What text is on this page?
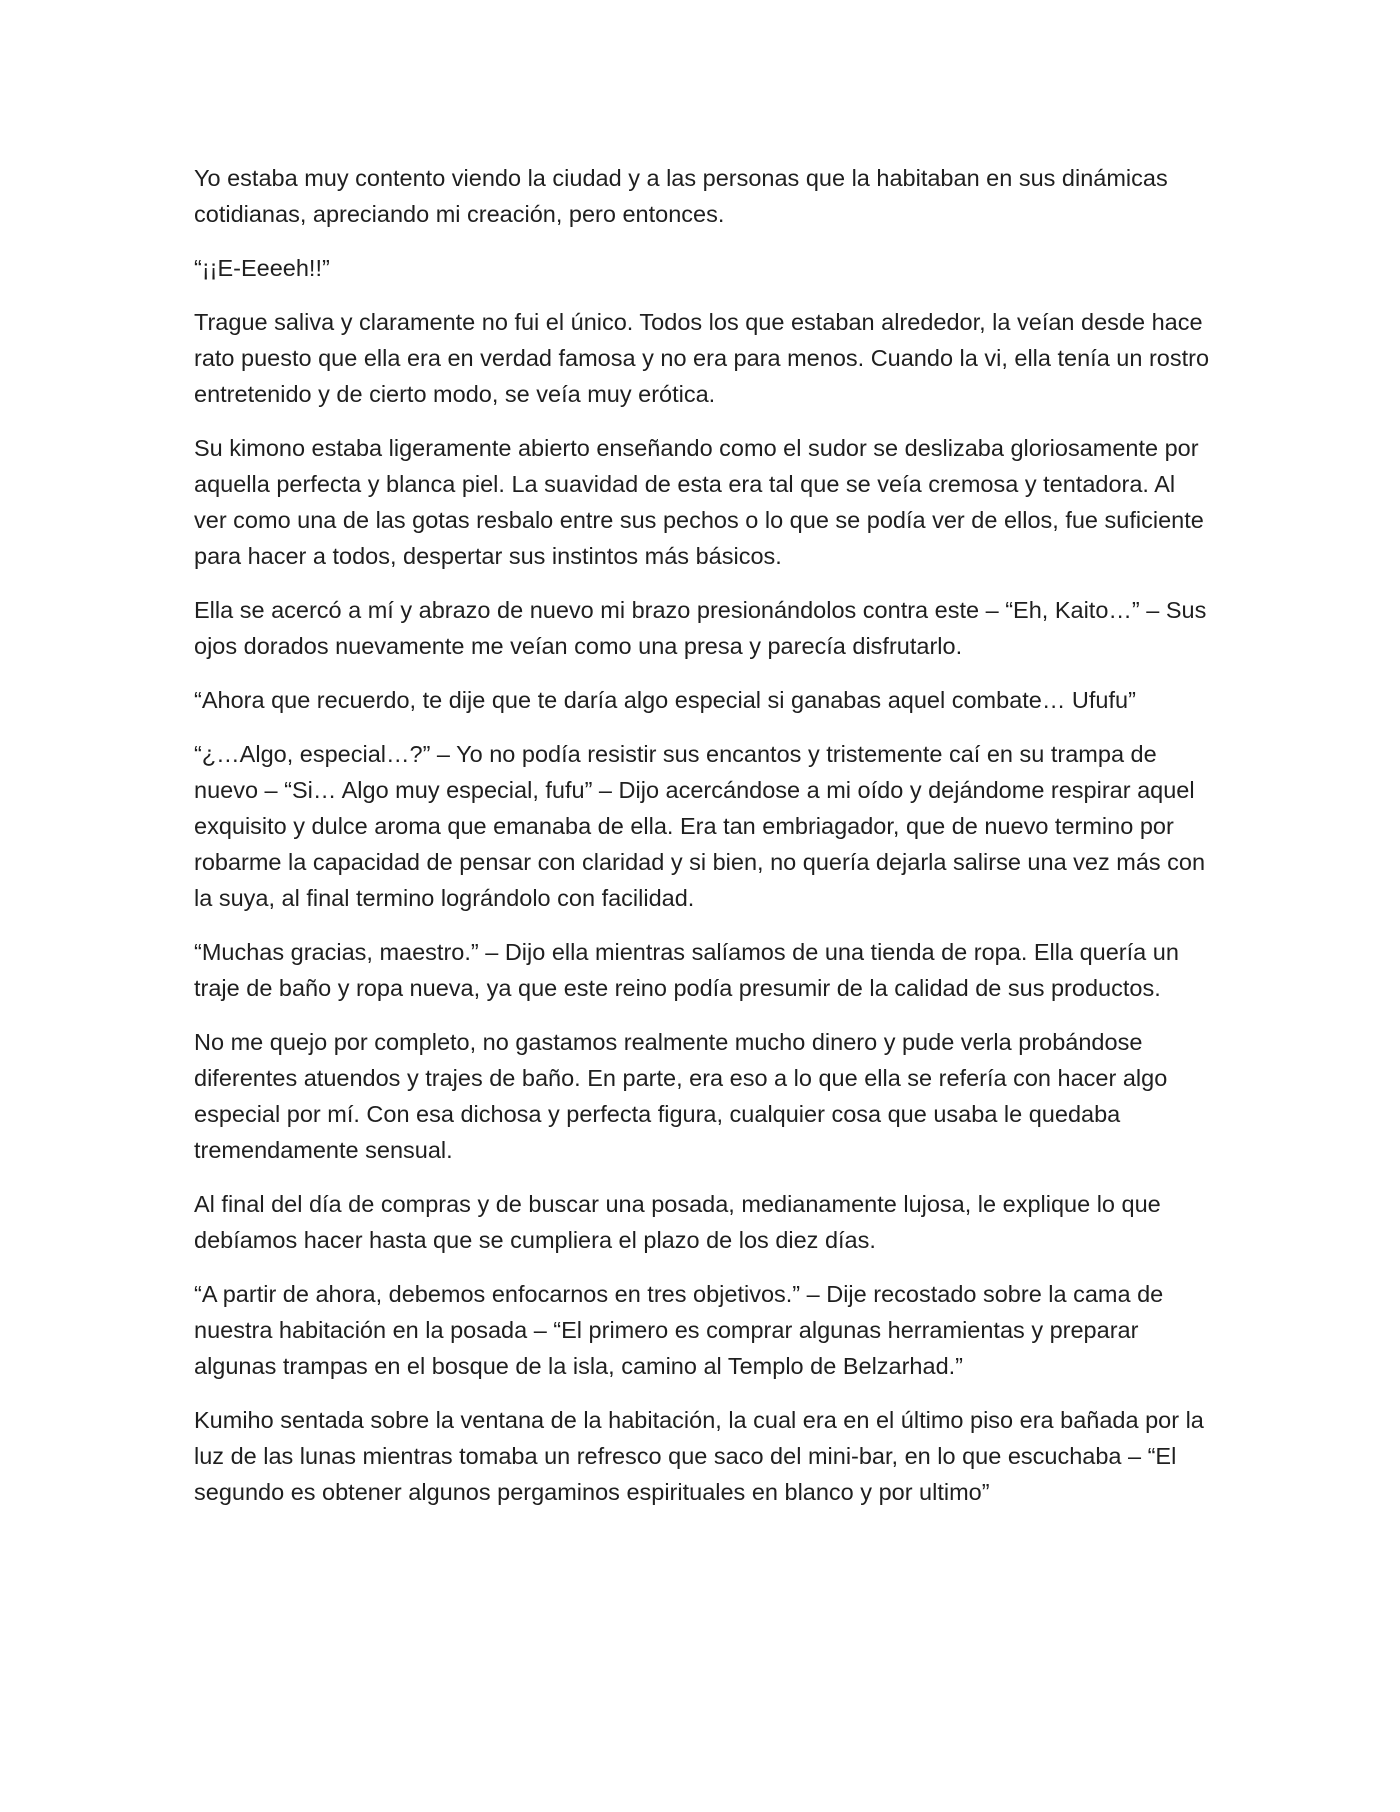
Yo estaba muy contento viendo la ciudad y a las personas que la habitaban en sus dinámicas cotidianas, apreciando mi creación, pero entonces.

“¡¡E-Eeeeh!!”

Trague saliva y claramente no fui el único. Todos los que estaban alrededor, la veían desde hace rato puesto que ella era en verdad famosa y no era para menos. Cuando la vi, ella tenía un rostro entretenido y de cierto modo, se veía muy erótica.

Su kimono estaba ligeramente abierto enseñando como el sudor se deslizaba gloriosamente por aquella perfecta y blanca piel. La suavidad de esta era tal que se veía cremosa y tentadora. Al ver como una de las gotas resbalo entre sus pechos o lo que se podía ver de ellos, fue suficiente para hacer a todos, despertar sus instintos más básicos.

Ella se acercó a mí y abrazo de nuevo mi brazo presionándolos contra este – “Eh, Kaito…” – Sus ojos dorados nuevamente me veían como una presa y parecía disfrutarlo.

“Ahora que recuerdo, te dije que te daría algo especial si ganabas aquel combate… Ufufu”

“¿…Algo, especial…?” – Yo no podía resistir sus encantos y tristemente caí en su trampa de nuevo – “Si… Algo muy especial, fufu” – Dijo acercándose a mi oído y dejándome respirar aquel exquisito y dulce aroma que emanaba de ella. Era tan embriagador, que de nuevo termino por robarme la capacidad de pensar con claridad y si bien, no quería dejarla salirse una vez más con la suya, al final termino lográndolo con facilidad.

“Muchas gracias, maestro.” – Dijo ella mientras salíamos de una tienda de ropa. Ella quería un traje de baño y ropa nueva, ya que este reino podía presumir de la calidad de sus productos.

No me quejo por completo, no gastamos realmente mucho dinero y pude verla probándose diferentes atuendos y trajes de baño. En parte, era eso a lo que ella se refería con hacer algo especial por mí. Con esa dichosa y perfecta figura, cualquier cosa que usaba le quedaba tremendamente sensual.

Al final del día de compras y de buscar una posada, medianamente lujosa, le explique lo que debíamos hacer hasta que se cumpliera el plazo de los diez días.

“A partir de ahora, debemos enfocarnos en tres objetivos.” – Dije recostado sobre la cama de nuestra habitación en la posada – “El primero es comprar algunas herramientas y preparar algunas trampas en el bosque de la isla, camino al Templo de Belzarhad.”

Kumiho sentada sobre la ventana de la habitación, la cual era en el último piso era bañada por la luz de las lunas mientras tomaba un refresco que saco del mini-bar, en lo que escuchaba – “El segundo es obtener algunos pergaminos espirituales en blanco y por ultimo”
